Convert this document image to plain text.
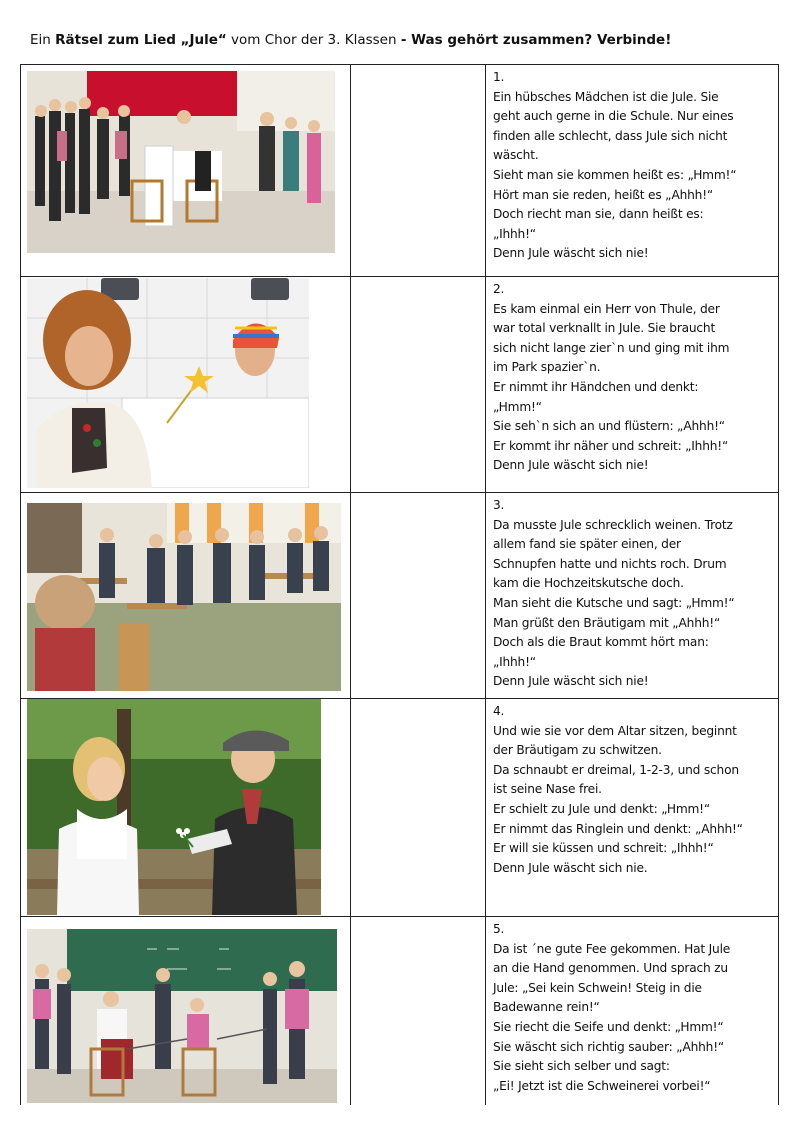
Ein Rätsel zum Lied „Jule“ vom Chor der 3. Klassen - Was gehört zusammen? Verbinde!
1.
Ein hübsches Mädchen ist die Jule. Sie
geht auch gerne in die Schule. Nur eines
finden alle schlecht, dass Jule sich nicht
wäscht.
Sieht man sie kommen heißt es: „Hmm!“
Hört man sie reden, heißt es „Ahhh!“
Doch riecht man sie, dann heißt es:
„Ihhh!“
Denn Jule wäscht sich nie!
2.
Es kam einmal ein Herr von Thule, der
war total verknallt in Jule. Sie braucht
sich nicht lange zier`n und ging mit ihm
im Park spazier`n.
Er nimmt ihr Händchen und denkt:
„Hmm!“
Sie seh`n sich an und flüstern: „Ahhh!“
Er kommt ihr näher und schreit: „Ihhh!“
Denn Jule wäscht sich nie!
3.
Da musste Jule schrecklich weinen. Trotz
allem fand sie später einen, der
Schnupfen hatte und nichts roch. Drum
kam die Hochzeitskutsche doch.
Man sieht die Kutsche und sagt: „Hmm!“
Man grüßt den Bräutigam mit „Ahhh!“
Doch als die Braut kommt hört man:
„Ihhh!“
Denn Jule wäscht sich nie!
4.
Und wie sie vor dem Altar sitzen, beginnt
der Bräutigam zu schwitzen.
Da schnaubt er dreimal, 1-2-3, und schon
ist seine Nase frei.
Er schielt zu Jule und denkt: „Hmm!“
Er nimmt das Ringlein und denkt: „Ahhh!“
Er will sie küssen und schreit: „Ihhh!“
Denn Jule wäscht sich nie.
5.
Da ist ´ne gute Fee gekommen. Hat Jule
an die Hand genommen. Und sprach zu
Jule: „Sei kein Schwein! Steig in die
Badewanne rein!“
Sie riecht die Seife und denkt: „Hmm!“
Sie wäscht sich richtig sauber: „Ahhh!“
Sie sieht sich selber und sagt:
„Ei! Jetzt ist die Schweinerei vorbei!“
